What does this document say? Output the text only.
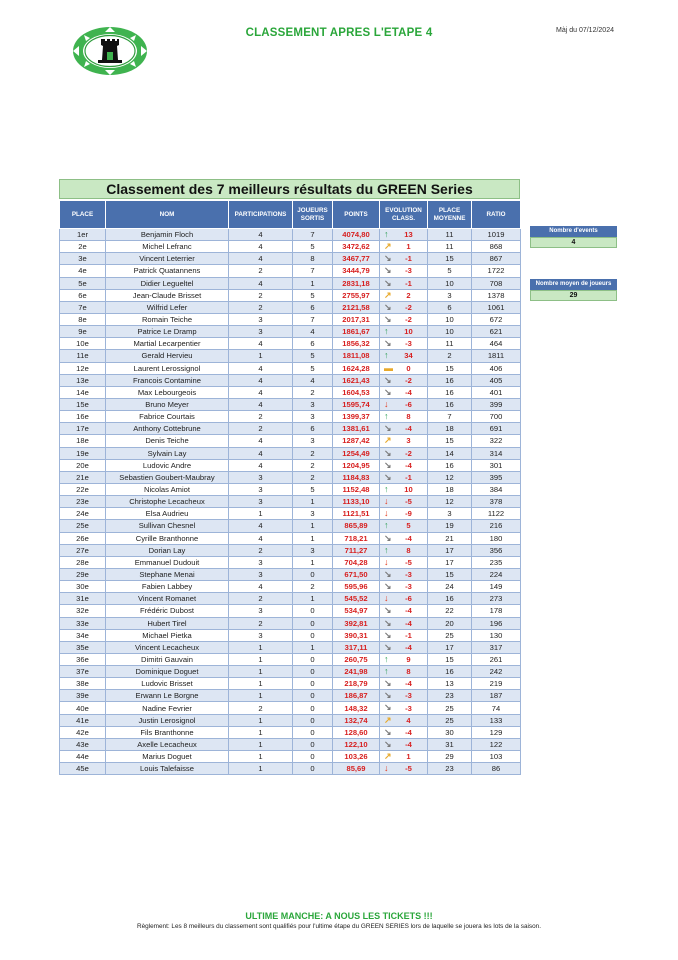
CLASSEMENT APRES L'ETAPE 4	Màj du 07/12/2024
Classement des 7 meilleurs résultats du GREEN Series
PLACE	NOM	PARTICIPATIONS	JOUEURS SORTIS	POINTS	EVOLUTION CLASS.	PLACE MOYENNE	RATIO
1er	Benjamin Floch	4	7	4074,80	↑ 13	11	1019
2e	Michel Lefranc	4	5	3472,62	↗ 1	11	868
3e	Vincent Leterrier	4	8	3467,77	↘ -1	15	867
4e	Patrick Quatannens	2	7	3444,79	↘ -3	5	1722
5e	Didier Legueltel	4	1	2831,18	↘ -1	10	708
6e	Jean-Claude Brisset	2	5	2755,97	↗ 2	3	1378
7e	Wilfrid Lefer	2	6	2121,58	↘ -2	6	1061
8e	Romain Teiche	3	7	2017,31	↘ -2	10	672
9e	Patrice Le Dramp	3	4	1861,67	↑ 10	10	621
10e	Martial Lecarpentier	4	6	1856,32	↘ -3	11	464
11e	Gerald Hervieu	1	5	1811,08	↑ 34	2	1811
12e	Laurent Lerossignol	4	5	1624,28	▬ 0	15	406
13e	Francois Contamine	4	4	1621,43	↘ -2	16	405
14e	Max Lebourgeois	4	2	1604,53	↘ -4	16	401
15e	Bruno Meyer	4	3	1595,74	↓ -6	16	399
16e	Fabrice Courtais	2	3	1399,37	↑ 8	7	700
17e	Anthony Cottebrune	2	6	1381,61	↘ -4	18	691
18e	Denis Teiche	4	3	1287,42	↗ 3	15	322
19e	Sylvain Lay	4	2	1254,49	↘ -2	14	314
20e	Ludovic Andre	4	2	1204,95	↘ -4	16	301
21e	Sebastien Goubert-Maubray	3	2	1184,83	↘ -1	12	395
22e	Nicolas Amiot	3	5	1152,48	↑ 10	18	384
23e	Christophe Lecacheux	3	1	1133,10	↓ -5	12	378
24e	Elsa Audrieu	1	3	1121,51	↓ -9	3	1122
25e	Sullivan Chesnel	4	1	865,89	↑ 5	19	216
26e	Cyrille Branthonne	4	1	718,21	↘ -4	21	180
27e	Dorian Lay	2	3	711,27	↑ 8	17	356
28e	Emmanuel Dudouit	3	1	704,28	↓ -5	17	235
29e	Stephane Menai	3	0	671,50	↘ -3	15	224
30e	Fabien Labbey	4	2	595,96	↘ -3	24	149
31e	Vincent Romanet	2	1	545,52	↓ -6	16	273
32e	Frédéric Dubost	3	0	534,97	↘ -4	22	178
33e	Hubert Tirel	2	0	392,81	↘ -4	20	196
34e	Michael Pietka	3	0	390,31	↘ -1	25	130
35e	Vincent Lecacheux	1	1	317,11	↘ -4	17	317
36e	Dimitri Gauvain	1	0	260,75	↑ 9	15	261
37e	Dominique Doguet	1	0	241,98	↑ 8	16	242
38e	Ludovic Brisset	1	0	218,79	↘ -4	13	219
39e	Erwann Le Borgne	1	0	186,87	↘ -3	23	187
40e	Nadine Fevrier	2	0	148,32	↘ -3	25	74
41e	Justin Lerosignol	1	0	132,74	↗ 4	25	133
42e	Fils Branthonne	1	0	128,60	↘ -4	30	129
43e	Axelle Lecacheux	1	0	122,10	↘ -4	31	122
44e	Marius Doguet	1	0	103,26	↗ 1	29	103
45e	Louis Talefaisse	1	0	85,69	↓ -5	23	86
Nombre d'events
4
Nombre moyen de joueurs
29
ULTIME MANCHE: A NOUS LES TICKETS !!!
Règlement: Les 8 meilleurs du classement sont qualifiés pour l'ultime étape du GREEN SERIES lors de laquelle se jouera les lots de la saison.
